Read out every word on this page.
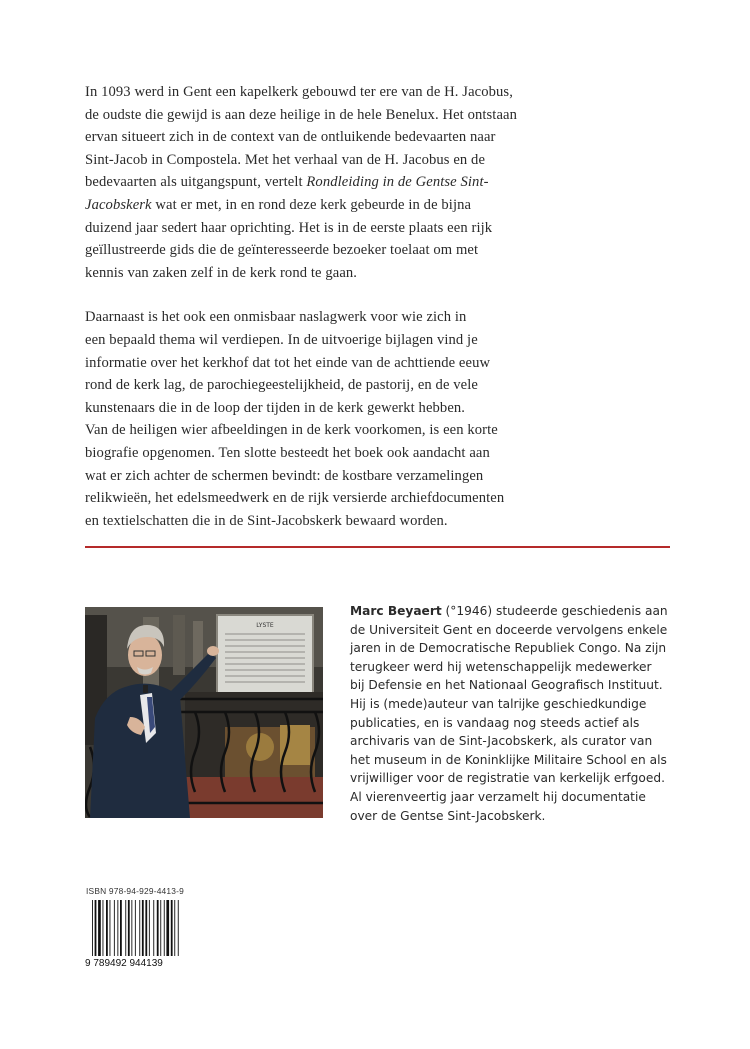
In 1093 werd in Gent een kapelkerk gebouwd ter ere van de H. Jacobus,
de oudste die gewijd is aan deze heilige in de hele Benelux. Het ontstaan
ervan situeert zich in de context van de ontluikende bedevaarten naar
Sint-Jacob in Compostela. Met het verhaal van de H. Jacobus en de
bedevaarten als uitgangspunt, vertelt Rondleiding in de Gentse Sint-
Jacobskerk wat er met, in en rond deze kerk gebeurde in de bijna
duizend jaar sedert haar oprichting. Het is in de eerste plaats een rijk
geïllustreerde gids die de geïnteresseerde bezoeker toelaat om met
kennis van zaken zelf in de kerk rond te gaan.
Daarnaast is het ook een onmisbaar naslagwerk voor wie zich in
een bepaald thema wil verdiepen. In de uitvoerige bijlagen vind je
informatie over het kerkhof dat tot het einde van de achttiende eeuw
rond de kerk lag, de parochiegeestelijkheid, de pastorij, en de vele
kunstenaars die in de loop der tijden in de kerk gewerkt hebben.
Van de heiligen wier afbeeldingen in de kerk voorkomen, is een korte
biografie opgenomen. Ten slotte besteedt het boek ook aandacht aan
wat er zich achter de schermen bevindt: de kostbare verzamelingen
relikwieën, het edelsmeedwerk en de rijk versierde archiefdocumenten
en textielschatten die in de Sint-Jacobskerk bewaard worden.
LYSTE
Marc Beyaert (°1946) studeerde geschiedenis aan
de Universiteit Gent en doceerde vervolgens enkele
jaren in de Democratische Republiek Congo. Na zijn
terugkeer werd hij wetenschappelijk medewerker
bij Defensie en het Nationaal Geografisch Instituut.
Hij is (mede)auteur van talrijke geschiedkundige
publicaties, en is vandaag nog steeds actief als
archivaris van de Sint-Jacobskerk, als curator van
het museum in de Koninklijke Militaire School en als
vrijwilliger voor de registratie van kerkelijk erfgoed.
Al vierenveertig jaar verzamelt hij documentatie
over de Gentse Sint-Jacobskerk.
ISBN 978-94-929-4413-9
9 789492 944139
